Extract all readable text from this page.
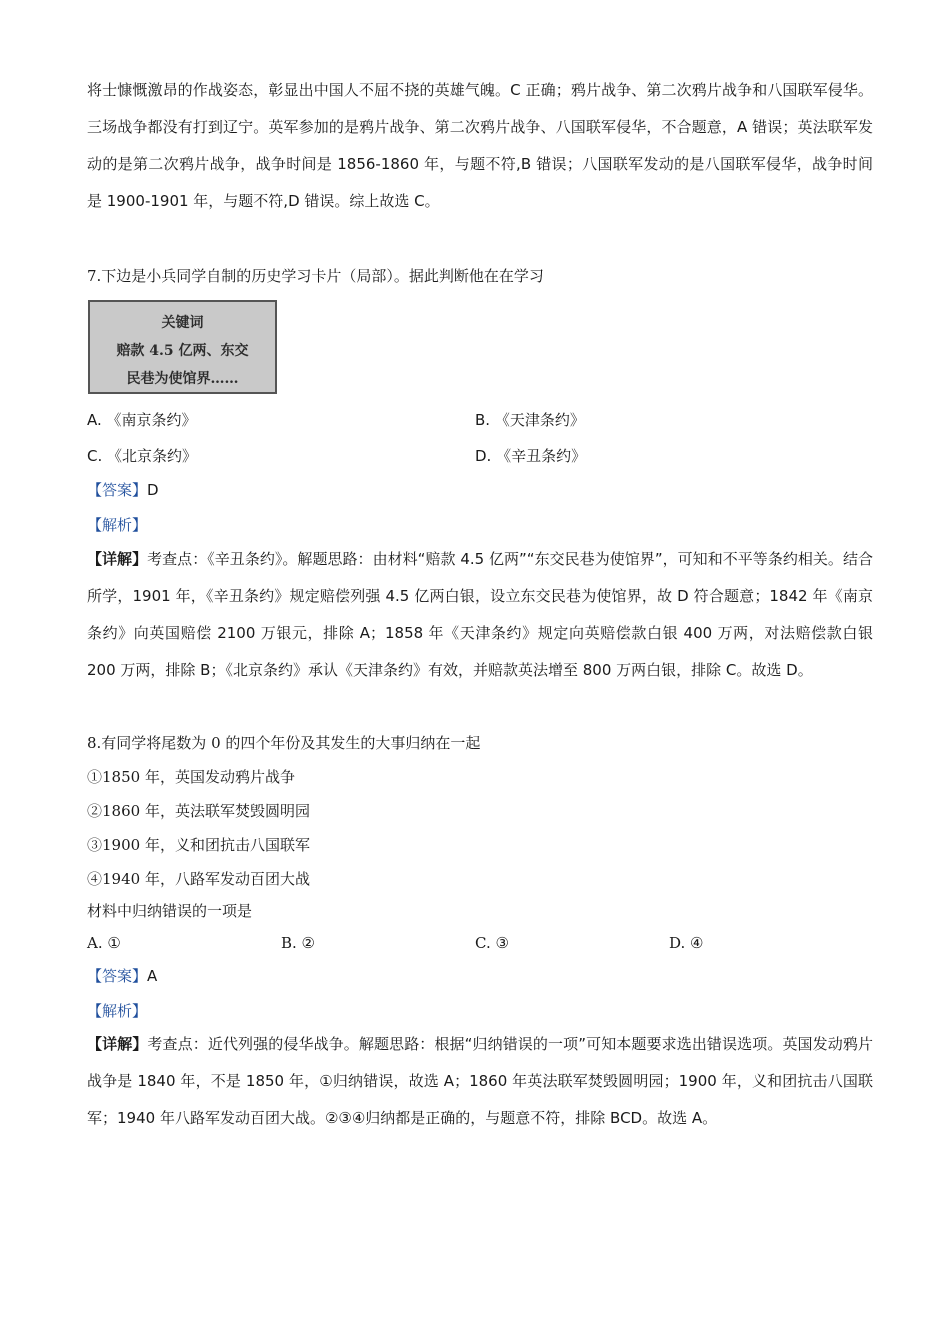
将士慷慨激昂的作战姿态，彰显出中国人不屈不挠的英雄气魄。C 正确；鸦片战争、第二次鸦片战争和八国联军侵华。三场战争都没有打到辽宁。英军参加的是鸦片战争、第二次鸦片战争、八国联军侵华，不合题意，A 错误；英法联军发动的是第二次鸦片战争，战争时间是 1856-1860 年，与题不符,B 错误；八国联军发动的是八国联军侵华，战争时间是 1900-1901 年，与题不符,D 错误。综上故选 C。

7.下边是小兵同学自制的历史学习卡片（局部）。据此判断他在在学习
关键词
赔款 4.5 亿两、东交
民巷为使馆界……
A. 《南京条约》	B. 《天津条约》
C. 《北京条约》	D. 《辛丑条约》
【答案】D
【解析】

【详解】考查点：《辛丑条约》。解题思路：由材料“赔款 4.5 亿两”“东交民巷为使馆界”，可知和不平等条约相关。结合所学，1901 年，《辛丑条约》规定赔偿列强 4.5 亿两白银，设立东交民巷为使馆界，故 D 符合题意；1842 年《南京条约》向英国赔偿 2100 万银元，排除 A；1858 年《天津条约》规定向英赔偿款白银 400 万两，对法赔偿款白银 200 万两，排除 B；《北京条约》承认《天津条约》有效，并赔款英法增至 800 万两白银，排除 C。故选 D。

8.有同学将尾数为 0 的四个年份及其发生的大事归纳在一起
①1850 年，英国发动鸦片战争
②1860 年，英法联军焚毁圆明园
③1900 年，义和团抗击八国联军
④1940 年，八路军发动百团大战
材料中归纳错误的一项是
A. ①	B. ②	C. ③	D. ④
【答案】A
【解析】

【详解】考查点：近代列强的侵华战争。解题思路：根据“归纳错误的一项”可知本题要求选出错误选项。英国发动鸦片战争是 1840 年，不是 1850 年，①归纳错误，故选 A；1860 年英法联军焚毁圆明园；1900 年，义和团抗击八国联军；1940 年八路军发动百团大战。②③④归纳都是正确的，与题意不符，排除 BCD。故选 A。
